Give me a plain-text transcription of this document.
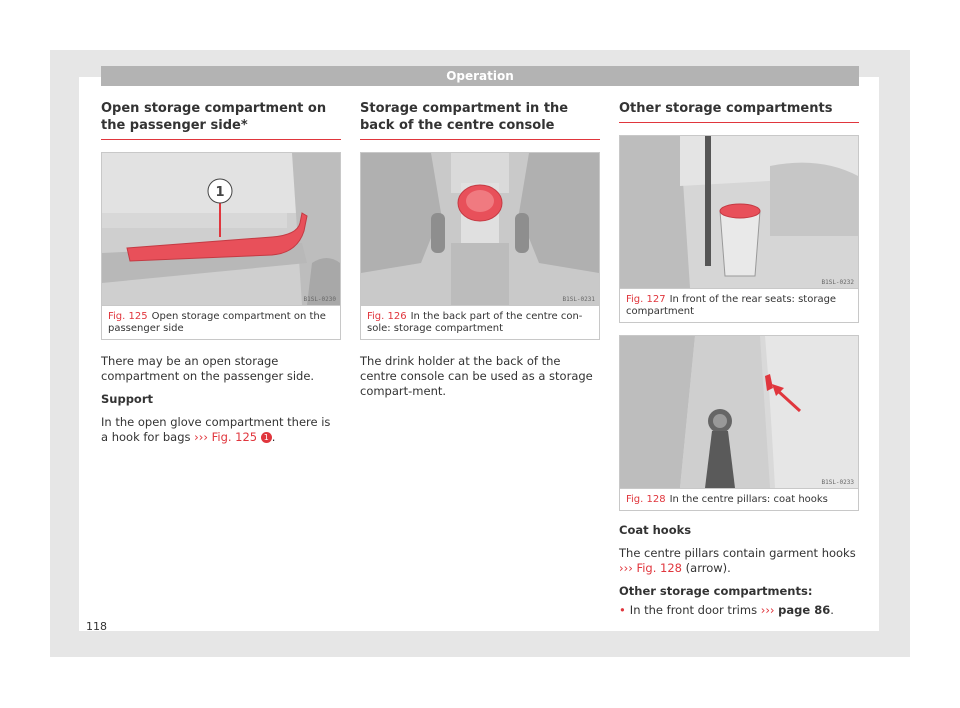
Operation
Open storage compartment on the passenger side*
1
B1SL-0230
Fig. 125 Open storage compartment on the passenger side

There may be an open storage compartment on the passenger side.

Support

In the open glove compartment there is a hook for bags ››› Fig. 125 1 .

Storage compartment in the back of the centre console
B1SL-0231
Fig. 126 In the back part of the centre con-sole: storage compartment

The drink holder at the back of the centre console can be used as a storage compart-ment.

Other storage compartments
B1SL-0232
Fig. 127 In front of the rear seats: storage compartment
B1SL-0233
Fig. 128 In the centre pillars: coat hooks

Coat hooks

The centre pillars contain garment hooks
››› Fig. 128 (arrow).

Other storage compartments:

• In the front door trims ››› page 86.

118
